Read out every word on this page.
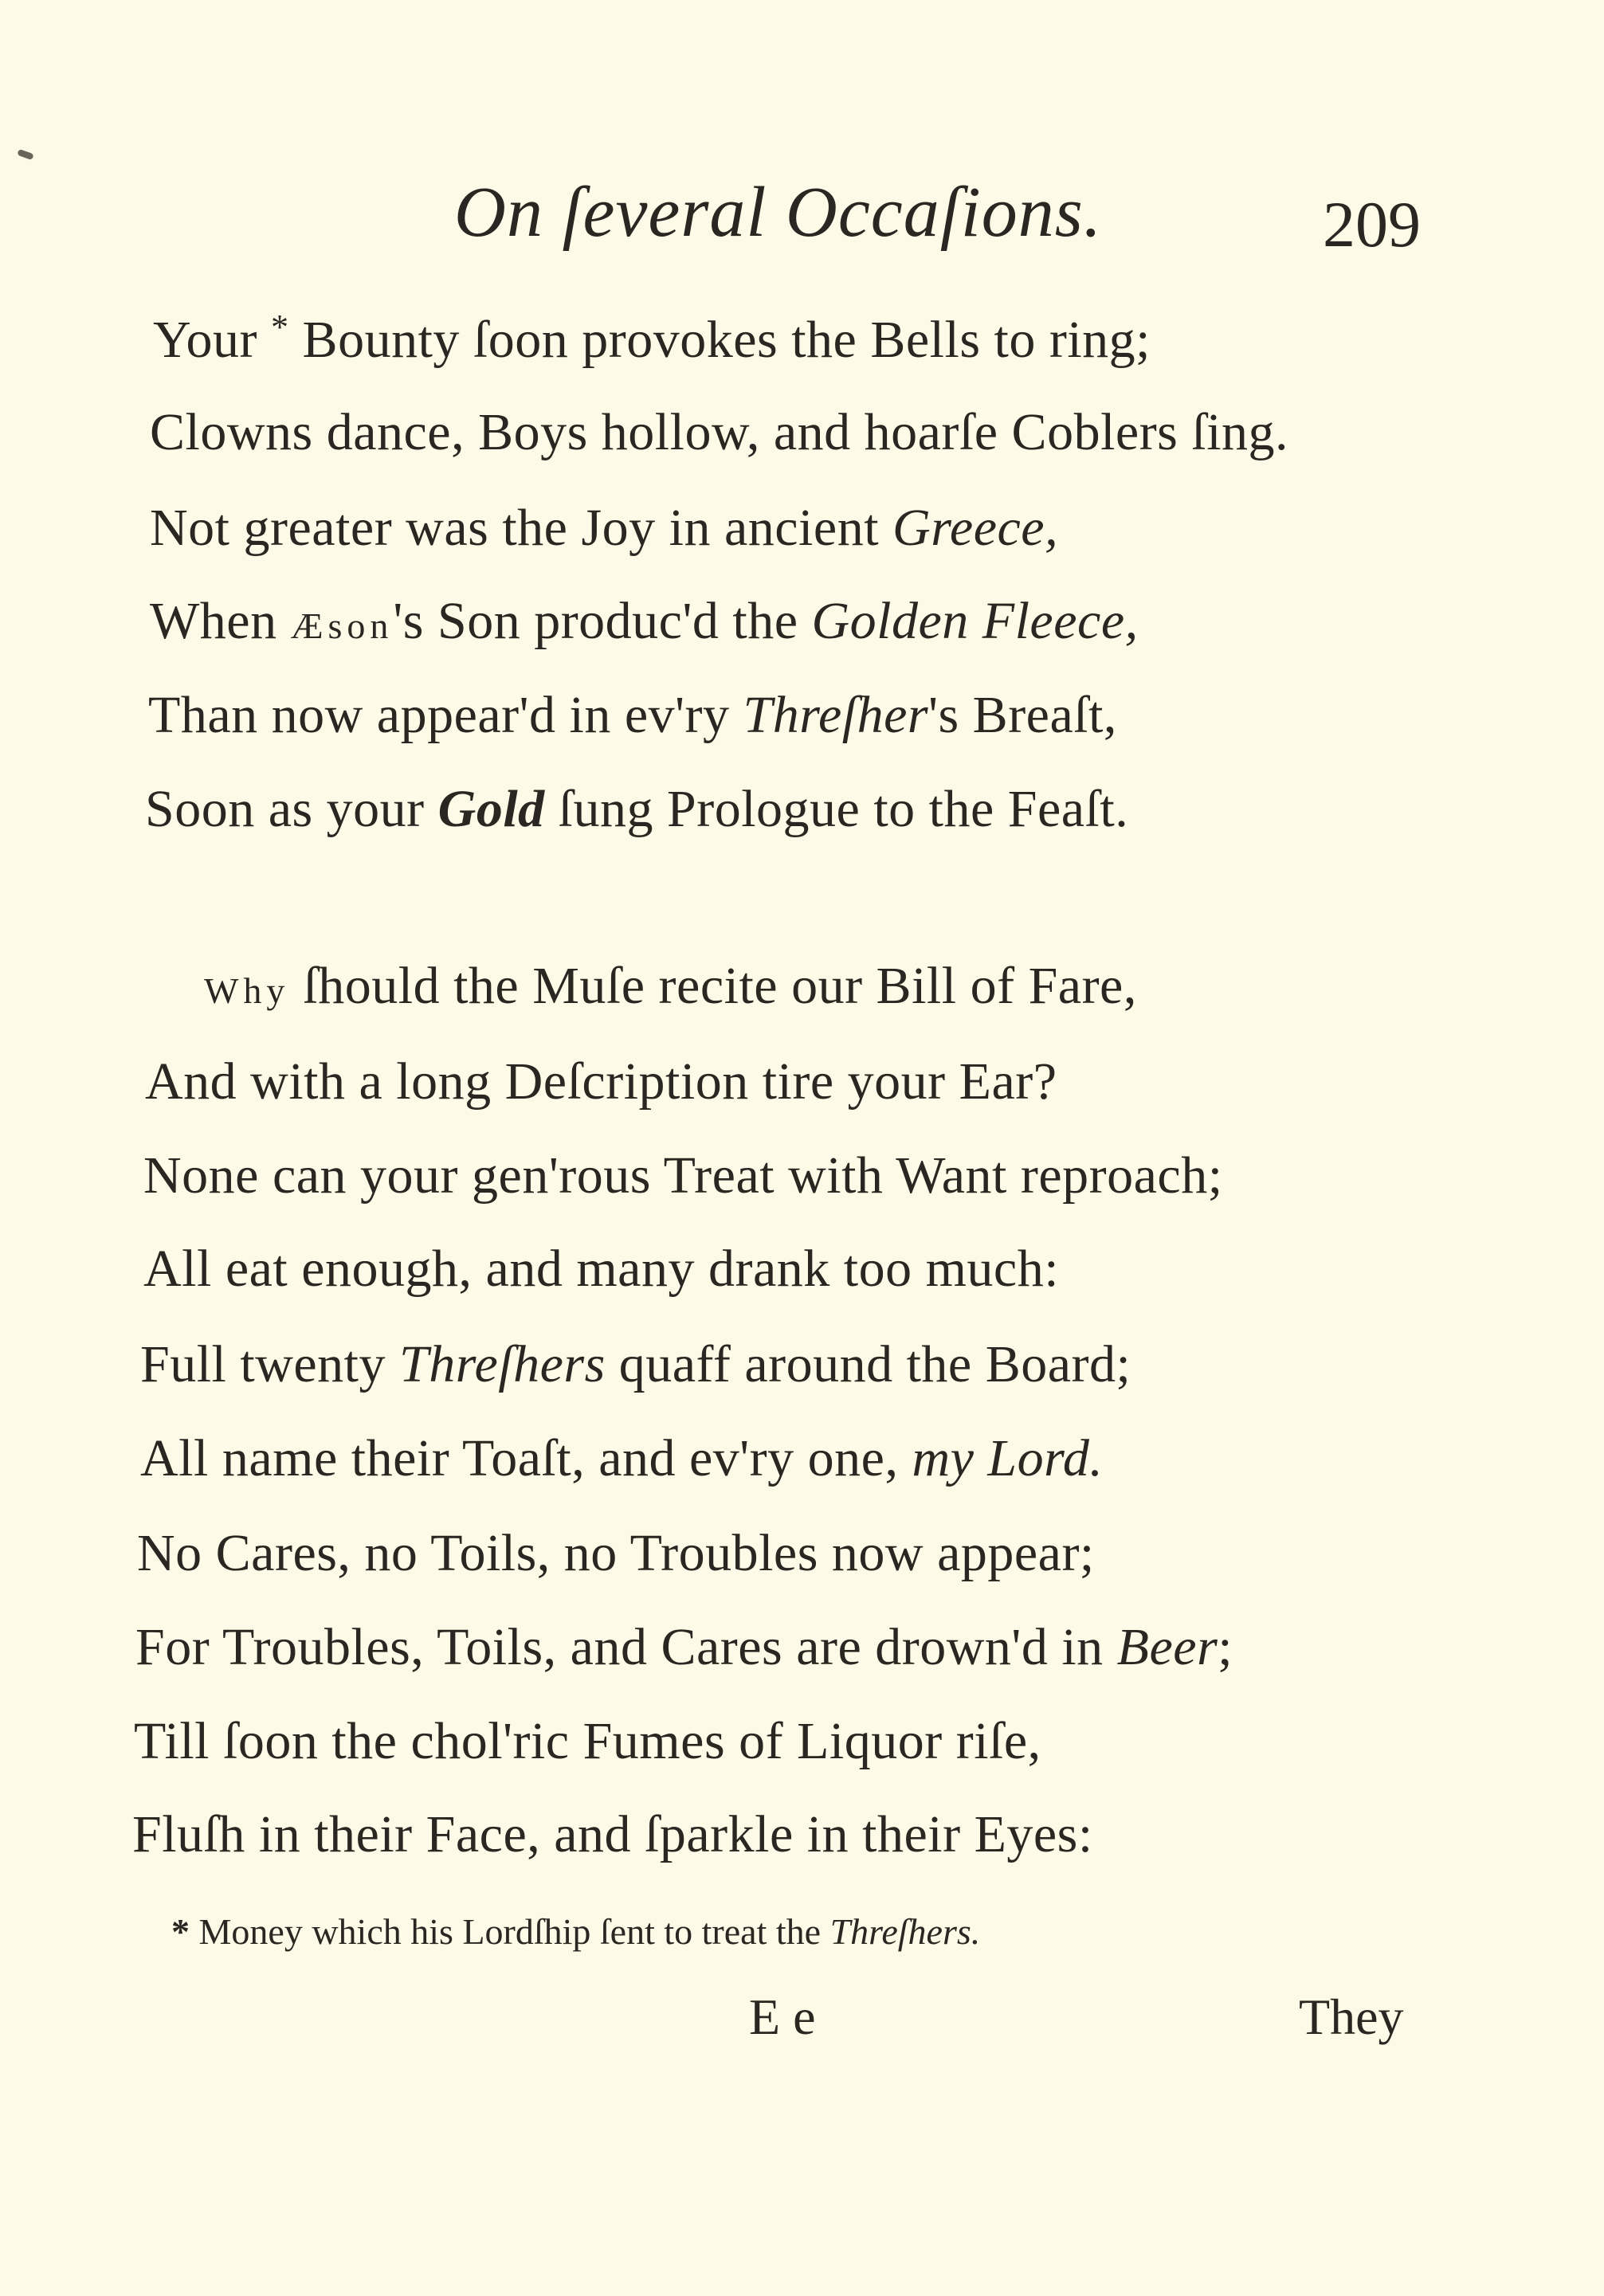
On ſeveral Occaſions.	209
Your * Bounty ſoon provokes the Bells to ring;
Clowns dance, Boys hollow, and hoarſe Coblers ſing.
Not greater was the Joy in ancient Greece,
When Æson's Son produc'd the Golden Fleece,
Than now appear'd in ev'ry Threſher's Breaſt,
Soon as your Gold ſung Prologue to the Feaſt.
Why ſhould the Muſe recite our Bill of Fare,
And with a long Deſcription tire your Ear?
None can your gen'rous Treat with Want reproach;
All eat enough, and many drank too much:
Full twenty Threſhers quaff around the Board;
All name their Toaſt, and ev'ry one, my Lord.
No Cares, no Toils, no Troubles now appear;
For Troubles, Toils, and Cares are drown'd in Beer;
Till ſoon the chol'ric Fumes of Liquor riſe,
Fluſh in their Face, and ſparkle in their Eyes:
* Money which his Lordſhip ſent to treat the Threſhers.
E e	They
